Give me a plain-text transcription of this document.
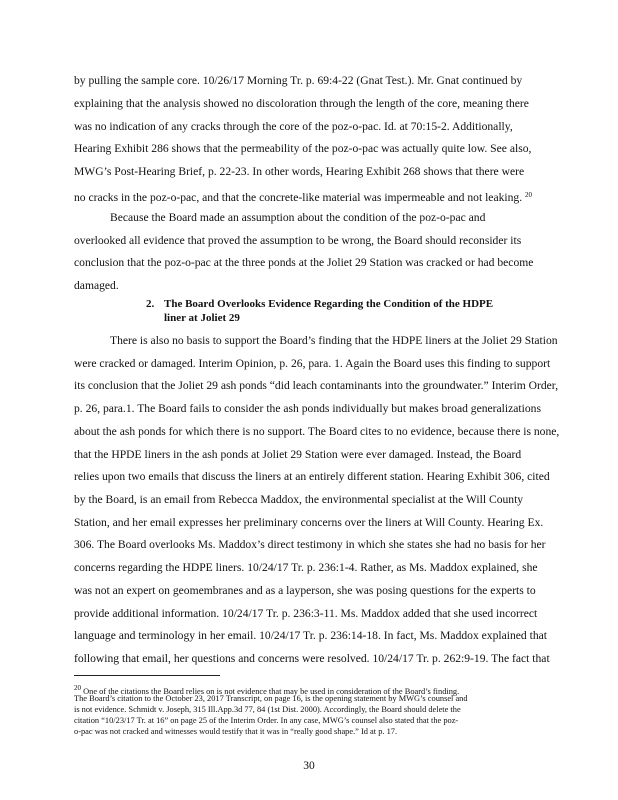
by pulling the sample core. 10/26/17 Morning Tr. p. 69:4-22 (Gnat Test.). Mr. Gnat continued by
explaining that the analysis showed no discoloration through the length of the core, meaning there
was no indication of any cracks through the core of the poz-o-pac. Id. at 70:15-2. Additionally,
Hearing Exhibit 286 shows that the permeability of the poz-o-pac was actually quite low. See also,
MWG’s Post-Hearing Brief, p. 22-23. In other words, Hearing Exhibit 268 shows that there were
no cracks in the poz-o-pac, and that the concrete-like material was impermeable and not leaking. $^{20}$
Because the Board made an assumption about the condition of the poz-o-pac and
overlooked all evidence that proved the assumption to be wrong, the Board should reconsider its
conclusion that the poz-o-pac at the three ponds at the Joliet 29 Station was cracked or had become
damaged.
2. The Board Overlooks Evidence Regarding the Condition of the HDPE
liner at Joliet 29
There is also no basis to support the Board’s finding that the HDPE liners at the Joliet 29 Station
were cracked or damaged. Interim Opinion, p. 26, para. 1. Again the Board uses this finding to support
its conclusion that the Joliet 29 ash ponds “did leach contaminants into the groundwater.” Interim Order,
p. 26, para.1. The Board fails to consider the ash ponds individually but makes broad generalizations
about the ash ponds for which there is no support. The Board cites to no evidence, because there is none,
that the HPDE liners in the ash ponds at Joliet 29 Station were ever damaged. Instead, the Board
relies upon two emails that discuss the liners at an entirely different station. Hearing Exhibit 306, cited
by the Board, is an email from Rebecca Maddox, the environmental specialist at the Will County
Station, and her email expresses her preliminary concerns over the liners at Will County. Hearing Ex.
306. The Board overlooks Ms. Maddox’s direct testimony in which she states she had no basis for her
concerns regarding the HDPE liners. 10/24/17 Tr. p. 236:1-4. Rather, as Ms. Maddox explained, she
was not an expert on geomembranes and as a layperson, she was posing questions for the experts to
provide additional information. 10/24/17 Tr. p. 236:3-11. Ms. Maddox added that she used incorrect
language and terminology in her email. 10/24/17 Tr. p. 236:14-18. In fact, Ms. Maddox explained that
following that email, her questions and concerns were resolved. 10/24/17 Tr. p. 262:9-19. The fact that
$^{20}$ One of the citations the Board relies on is not evidence that may be used in consideration of the Board’s finding.
The Board’s citation to the October 23, 2017 Transcript, on page 16, is the opening statement by MWG’s counsel and
is not evidence. Schmidt v. Joseph, 315 Ill.App.3d 77, 84 (1st Dist. 2000). Accordingly, the Board should delete the
citation “10/23/17 Tr. at 16” on page 25 of the Interim Order. In any case, MWG’s counsel also stated that the poz-
o-pac was not cracked and witnesses would testify that it was in “really good shape.” Id at p. 17.
30
